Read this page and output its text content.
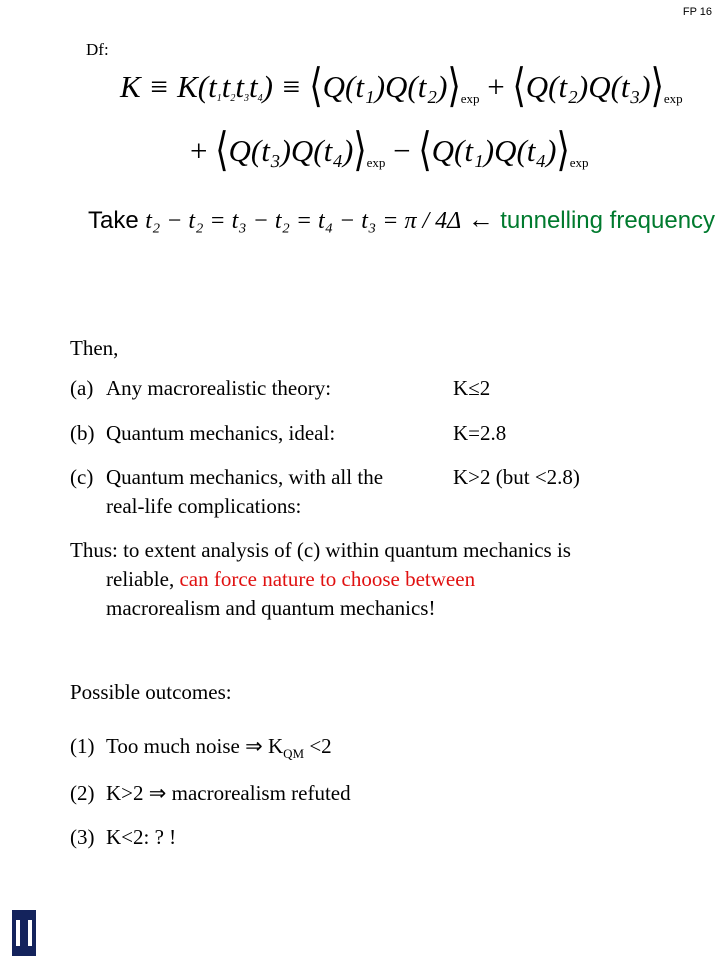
FP 16
Df:
$K \equiv K(t1t2t3t4) \equiv ⟨Q(t_1)Q(t_2)⟩_{exp}$ + $⟨Q(t_2)Q(t_3)⟩_{exp}$
+ $⟨Q(t_3)Q(t_4)⟩_{exp}$ − $⟨Q(t_1)Q(t_4)⟩_{exp}$
Take t₂ − t₂ = t₃ − t₂ = t₄ − t₃ = π / 4Δ ← tunnelling frequency
Then,
(a) Any macrorealistic theory:	K≤2
(b) Quantum mechanics, ideal:	K=2.8
(c) Quantum mechanics, with all the
real-life complications:
K>2 (but <2.8)
Thus: to extent analysis of (c) within quantum mechanics is
reliable, can force nature to choose between
macrorealism and quantum mechanics!
Possible outcomes:
(1) Too much noise ⇒ $K_{QM} <2$
(2) K>2 ⇒ macrorealism refuted
(3) K<2: ? !
